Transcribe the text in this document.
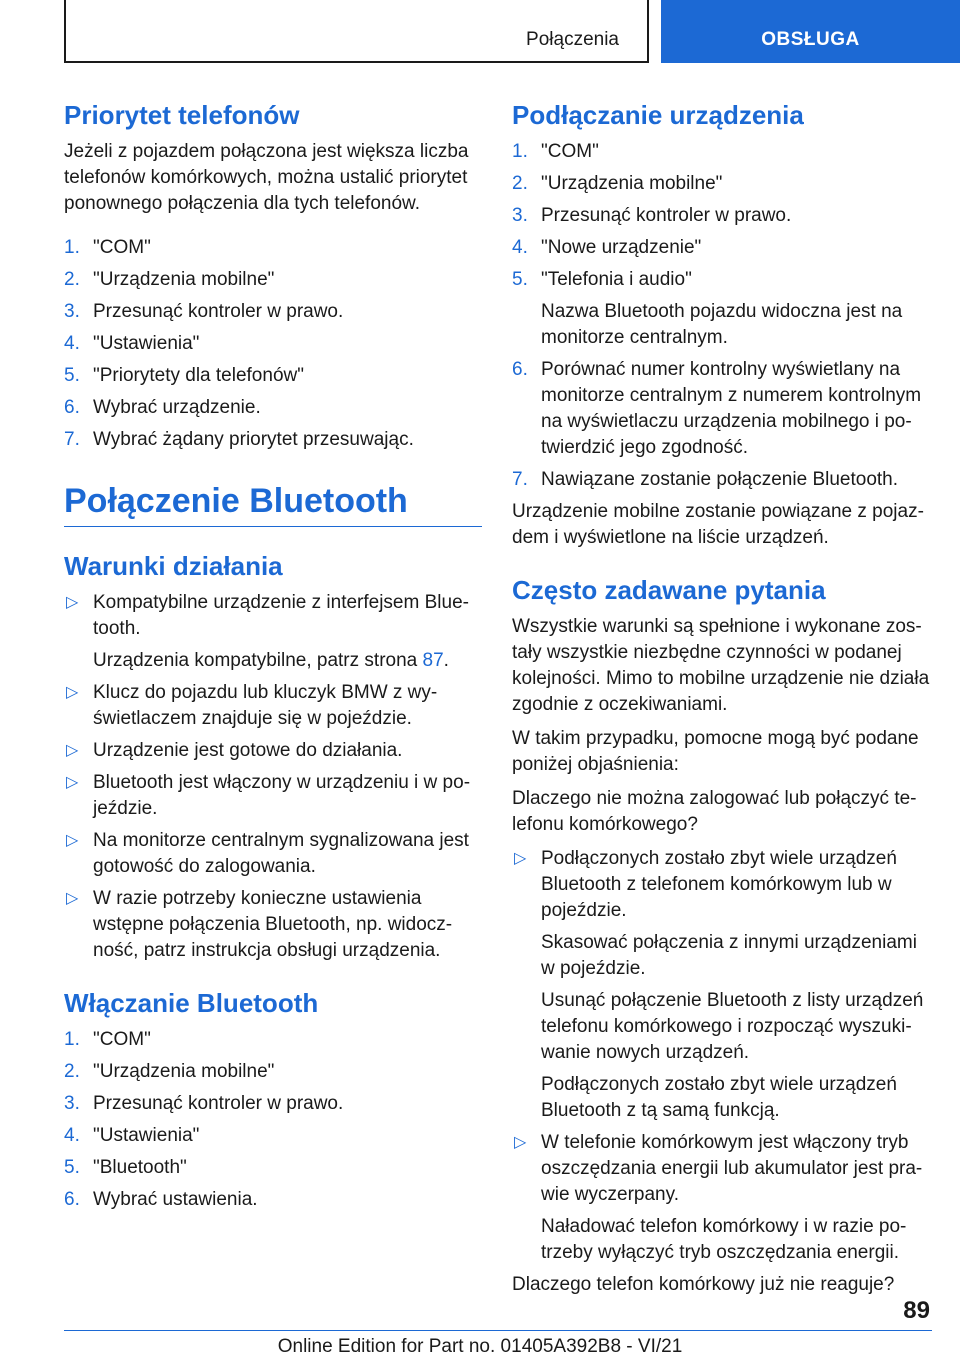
Połączenia	OBSŁUGA
Priorytet telefonów

Jeżeli z pojazdem połączona jest większa liczba telefonów komórkowych, można ustalić priorytet ponownego połączenia dla tych telefonów.

1. "COM"
2. "Urządzenia mobilne"
3. Przesunąć kontroler w prawo.
4. "Ustawienia"
5. "Priorytety dla telefonów"
6. Wybrać urządzenie.
7. Wybrać żądany priorytet przesuwając.
Połączenie Bluetooth
Warunki działania
▷ Kompatybilne urządzenie z interfejsem Blue‐tooth.
Urządzenia kompatybilne, patrz strona 87.
▷ Klucz do pojazdu lub kluczyk BMW z wy‐świetlaczem znajduje się w pojeździe.
▷ Urządzenie jest gotowe do działania.
▷ Bluetooth jest włączony w urządzeniu i w po‐jeździe.
▷ Na monitorze centralnym sygnalizowana jest gotowość do zalogowania.
▷ W razie potrzeby konieczne ustawienia wstępne połączenia Bluetooth, np. widocz‐ność, patrz instrukcja obsługi urządzenia.
Włączanie Bluetooth
1. "COM"
2. "Urządzenia mobilne"
3. Przesunąć kontroler w prawo.
4. "Ustawienia"
5. "Bluetooth"
6. Wybrać ustawienia.
Podłączanie urządzenia
1. "COM"
2. "Urządzenia mobilne"
3. Przesunąć kontroler w prawo.
4. "Nowe urządzenie"
5. "Telefonia i audio"
Nazwa Bluetooth pojazdu widoczna jest na monitorze centralnym.
6. Porównać numer kontrolny wyświetlany na monitorze centralnym z numerem kontrolnym na wyświetlaczu urządzenia mobilnego i po‐twierdzić jego zgodność.
7. Nawiązane zostanie połączenie Bluetooth.

Urządzenie mobilne zostanie powiązane z pojaz‐dem i wyświetlone na liście urządzeń.

Często zadawane pytania

Wszystkie warunki są spełnione i wykonane zos‐tały wszystkie niezbędne czynności w podanej kolejności. Mimo to mobilne urządzenie nie działa zgodnie z oczekiwaniami.

W takim przypadku, pomocne mogą być podane poniżej objaśnienia:

Dlaczego nie można zalogować lub połączyć te‐lefonu komórkowego?

▷ Podłączonych zostało zbyt wiele urządzeń Bluetooth z telefonem komórkowym lub w pojeździe.
Skasować połączenia z innymi urządzeniami w pojeździe.
Usunąć połączenie Bluetooth z listy urządzeń telefonu komórkowego i rozpocząć wyszuki‐wanie nowych urządzeń.
Podłączonych zostało zbyt wiele urządzeń Bluetooth z tą samą funkcją.
▷ W telefonie komórkowym jest włączony tryb oszczędzania energii lub akumulator jest pra‐wie wyczerpany.
Naładować telefon komórkowy i w razie po‐trzeby wyłączyć tryb oszczędzania energii.

Dlaczego telefon komórkowy już nie reaguje?

89
Online Edition for Part no. 01405A392B8 - VI/21
